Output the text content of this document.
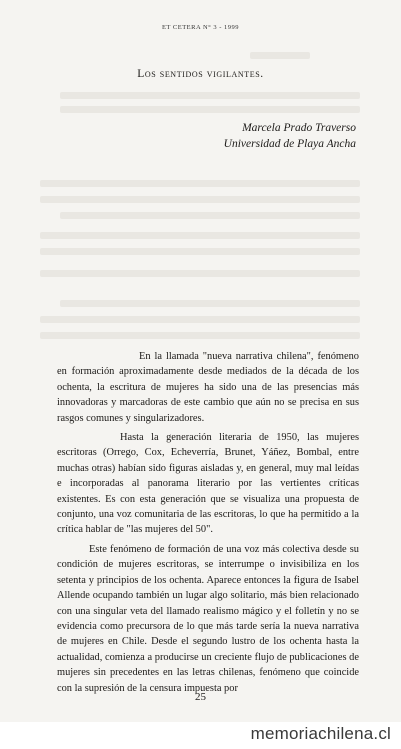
ET CETERA N° 3 - 1999
Los sentidos vigilantes.
Marcela Prado Traverso
Universidad de Playa Ancha

En la llamada "nueva narrativa chilena", fenómeno en formación aproximadamente desde mediados de la década de los ochenta, la escritura de mujeres ha sido una de las presencias más innovadoras y marcadoras de este cambio que aún no se precisa en sus rasgos comunes y singularizadores.

Hasta la generación literaria de 1950, las mujeres escritoras (Orrego, Cox, Echeverría, Brunet, Yáñez, Bombal, entre muchas otras) habían sido figuras aisladas y, en general, muy mal leídas e incorporadas al panorama literario por las vertientes críticas existentes. Es con esta generación que se visualiza una propuesta de conjunto, una voz comunitaria de las escritoras, lo que ha permitido a la crítica hablar de "las mujeres del 50".

Este fenómeno de formación de una voz más colectiva desde su condición de mujeres escritoras, se interrumpe o invisibiliza en los setenta y principios de los ochenta. Aparece entonces la figura de Isabel Allende ocupando también un lugar algo solitario, más bien relacionado con una singular veta del llamado realismo mágico y el folletín y no se evidencia como precursora de lo que más tarde sería la nueva narrativa de mujeres en Chile. Desde el segundo lustro de los ochenta hasta la actualidad, comienza a producirse un creciente flujo de publicaciones de mujeres sin precedentes en las letras chilenas, fenómeno que coincide con la supresión de la censura impuesta por

25
memoriachilena.cl
